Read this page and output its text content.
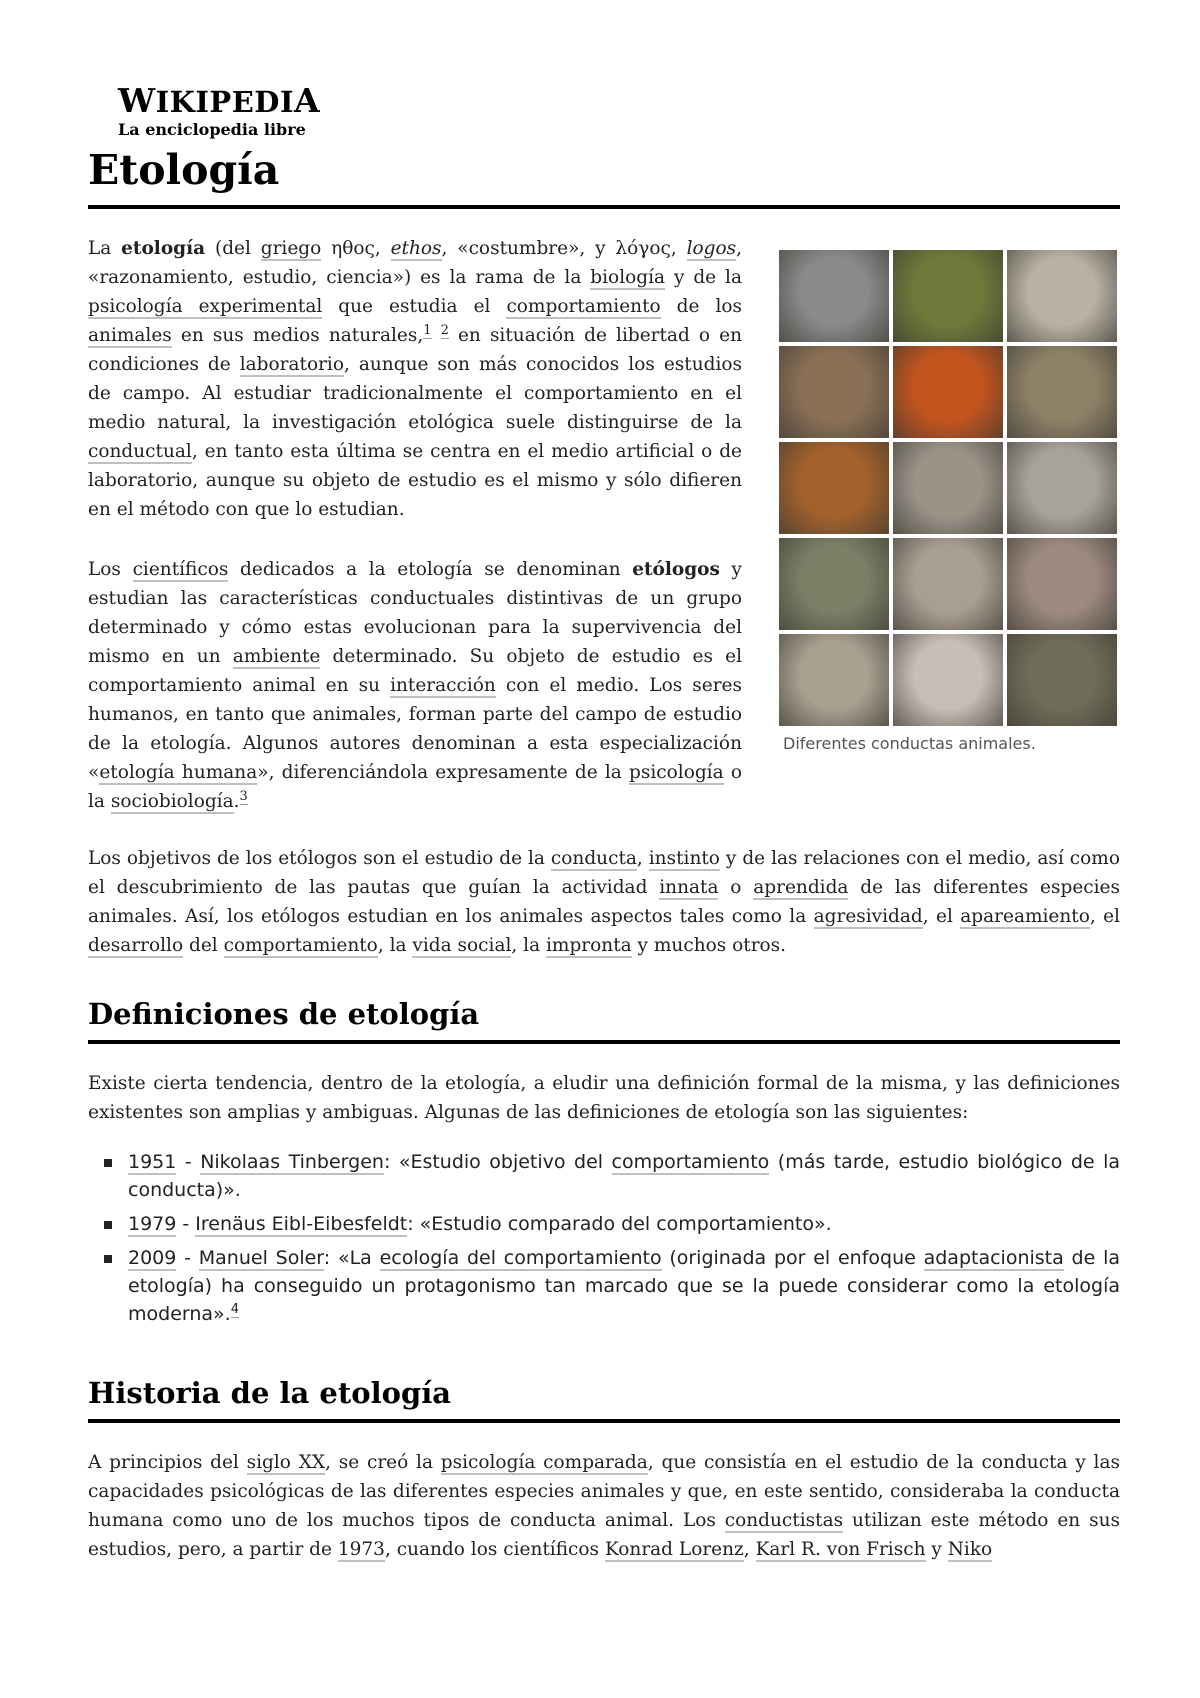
WIKIPEDIA
La enciclopedia libre
Etología

La etología (del griego ηθος, ethos, «costumbre», y λόγος, logos, «razonamiento, estudio, ciencia») es la rama de la biología y de la psicología experimental que estudia el comportamiento de los animales en sus medios naturales,$^1$ $^2$ en situación de libertad o en condiciones de laboratorio, aunque son más conocidos los estudios de campo. Al estudiar tradicionalmente el comportamiento en el medio natural, la investigación etológica suele distinguirse de la conductual, en tanto esta última se centra en el medio artificial o de laboratorio, aunque su objeto de estudio es el mismo y sólo difieren en el método con que lo estudian.

Los científicos dedicados a la etología se denominan etólogos y estudian las características conductuales distintivas de un grupo determinado y cómo estas evolucionan para la supervivencia del mismo en un ambiente determinado. Su objeto de estudio es el comportamiento animal en su interacción con el medio. Los seres humanos, en tanto que animales, forman parte del campo de estudio de la etología. Algunos autores denominan a esta especialización «etología humana», diferenciándola expresamente de la psicología o la sociobiología.$^3$

Los objetivos de los etólogos son el estudio de la conducta, instinto y de las relaciones con el medio, así como el descubrimiento de las pautas que guían la actividad innata o aprendida de las diferentes especies animales. Así, los etólogos estudian en los animales aspectos tales como la agresividad, el apareamiento, el desarrollo del comportamiento, la vida social, la impronta y muchos otros.

Diferentes conductas animales.
Definiciones de etología

Existe cierta tendencia, dentro de la etología, a eludir una definición formal de la misma, y las definiciones existentes son amplias y ambiguas. Algunas de las definiciones de etología son las siguientes:

1951 - Nikolaas Tinbergen: «Estudio objetivo del comportamiento (más tarde, estudio biológico de la conducta)».
1979 - Irenäus Eibl-Eibesfeldt: «Estudio comparado del comportamiento».
2009 - Manuel Soler: «La ecología del comportamiento (originada por el enfoque adaptacionista de la etología) ha conseguido un protagonismo tan marcado que se la puede considerar como la etología moderna».$^4$
Historia de la etología

A principios del siglo XX, se creó la psicología comparada, que consistía en el estudio de la conducta y las capacidades psicológicas de las diferentes especies animales y que, en este sentido, consideraba la conducta humana como uno de los muchos tipos de conducta animal. Los conductistas utilizan este método en sus estudios, pero, a partir de 1973, cuando los científicos Konrad Lorenz, Karl R. von Frisch y Niko
